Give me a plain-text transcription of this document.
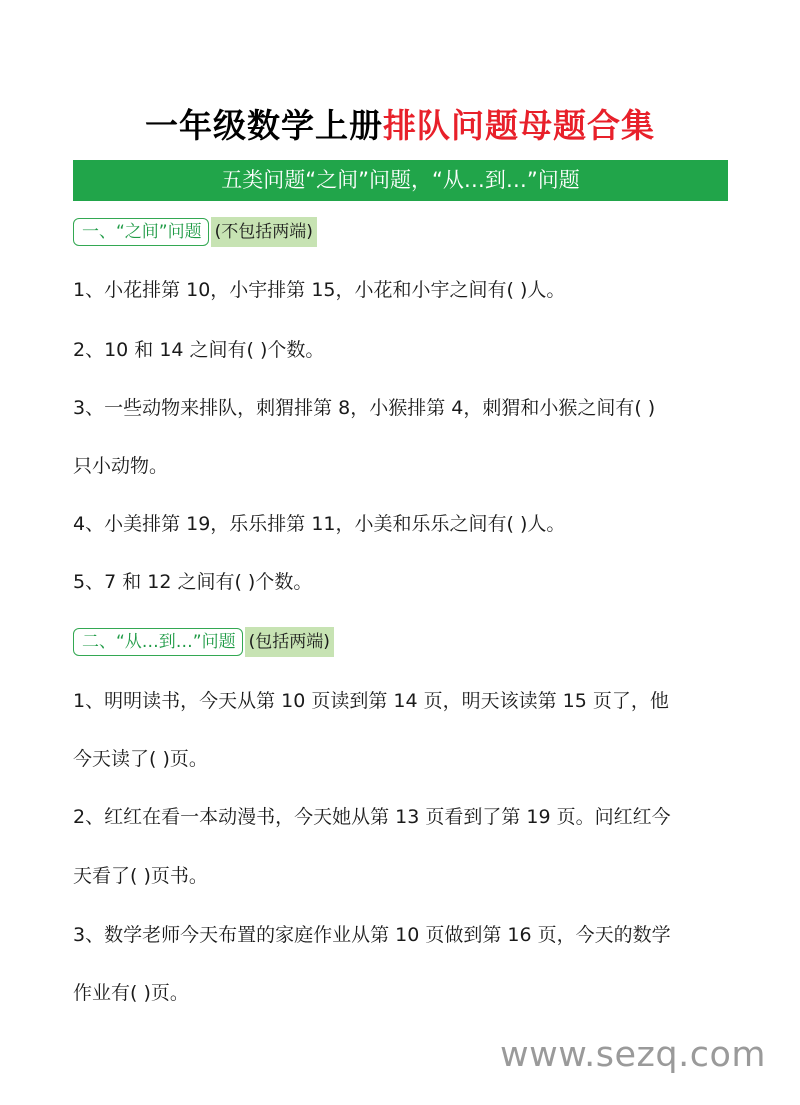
一年级数学上册排队问题母题合集
五类问题“之间”问题，“从…到…”问题
一、“之间”问题 (不包括两端)
1、小花排第 10，小宇排第 15，小花和小宇之间有( )人。
2、10 和 14 之间有( )个数。
3、一些动物来排队，刺猬排第 8，小猴排第 4，刺猬和小猴之间有( )
只小动物。
4、小美排第 19，乐乐排第 11，小美和乐乐之间有( )人。
5、7 和 12 之间有( )个数。
二、“从…到…”问题 (包括两端)
1、明明读书，今天从第 10 页读到第 14 页，明天该读第 15 页了，他
今天读了( )页。
2、红红在看一本动漫书，今天她从第 13 页看到了第 19 页。问红红今
天看了( )页书。
3、数学老师今天布置的家庭作业从第 10 页做到第 16 页，今天的数学
作业有( )页。
www.sezq.com
